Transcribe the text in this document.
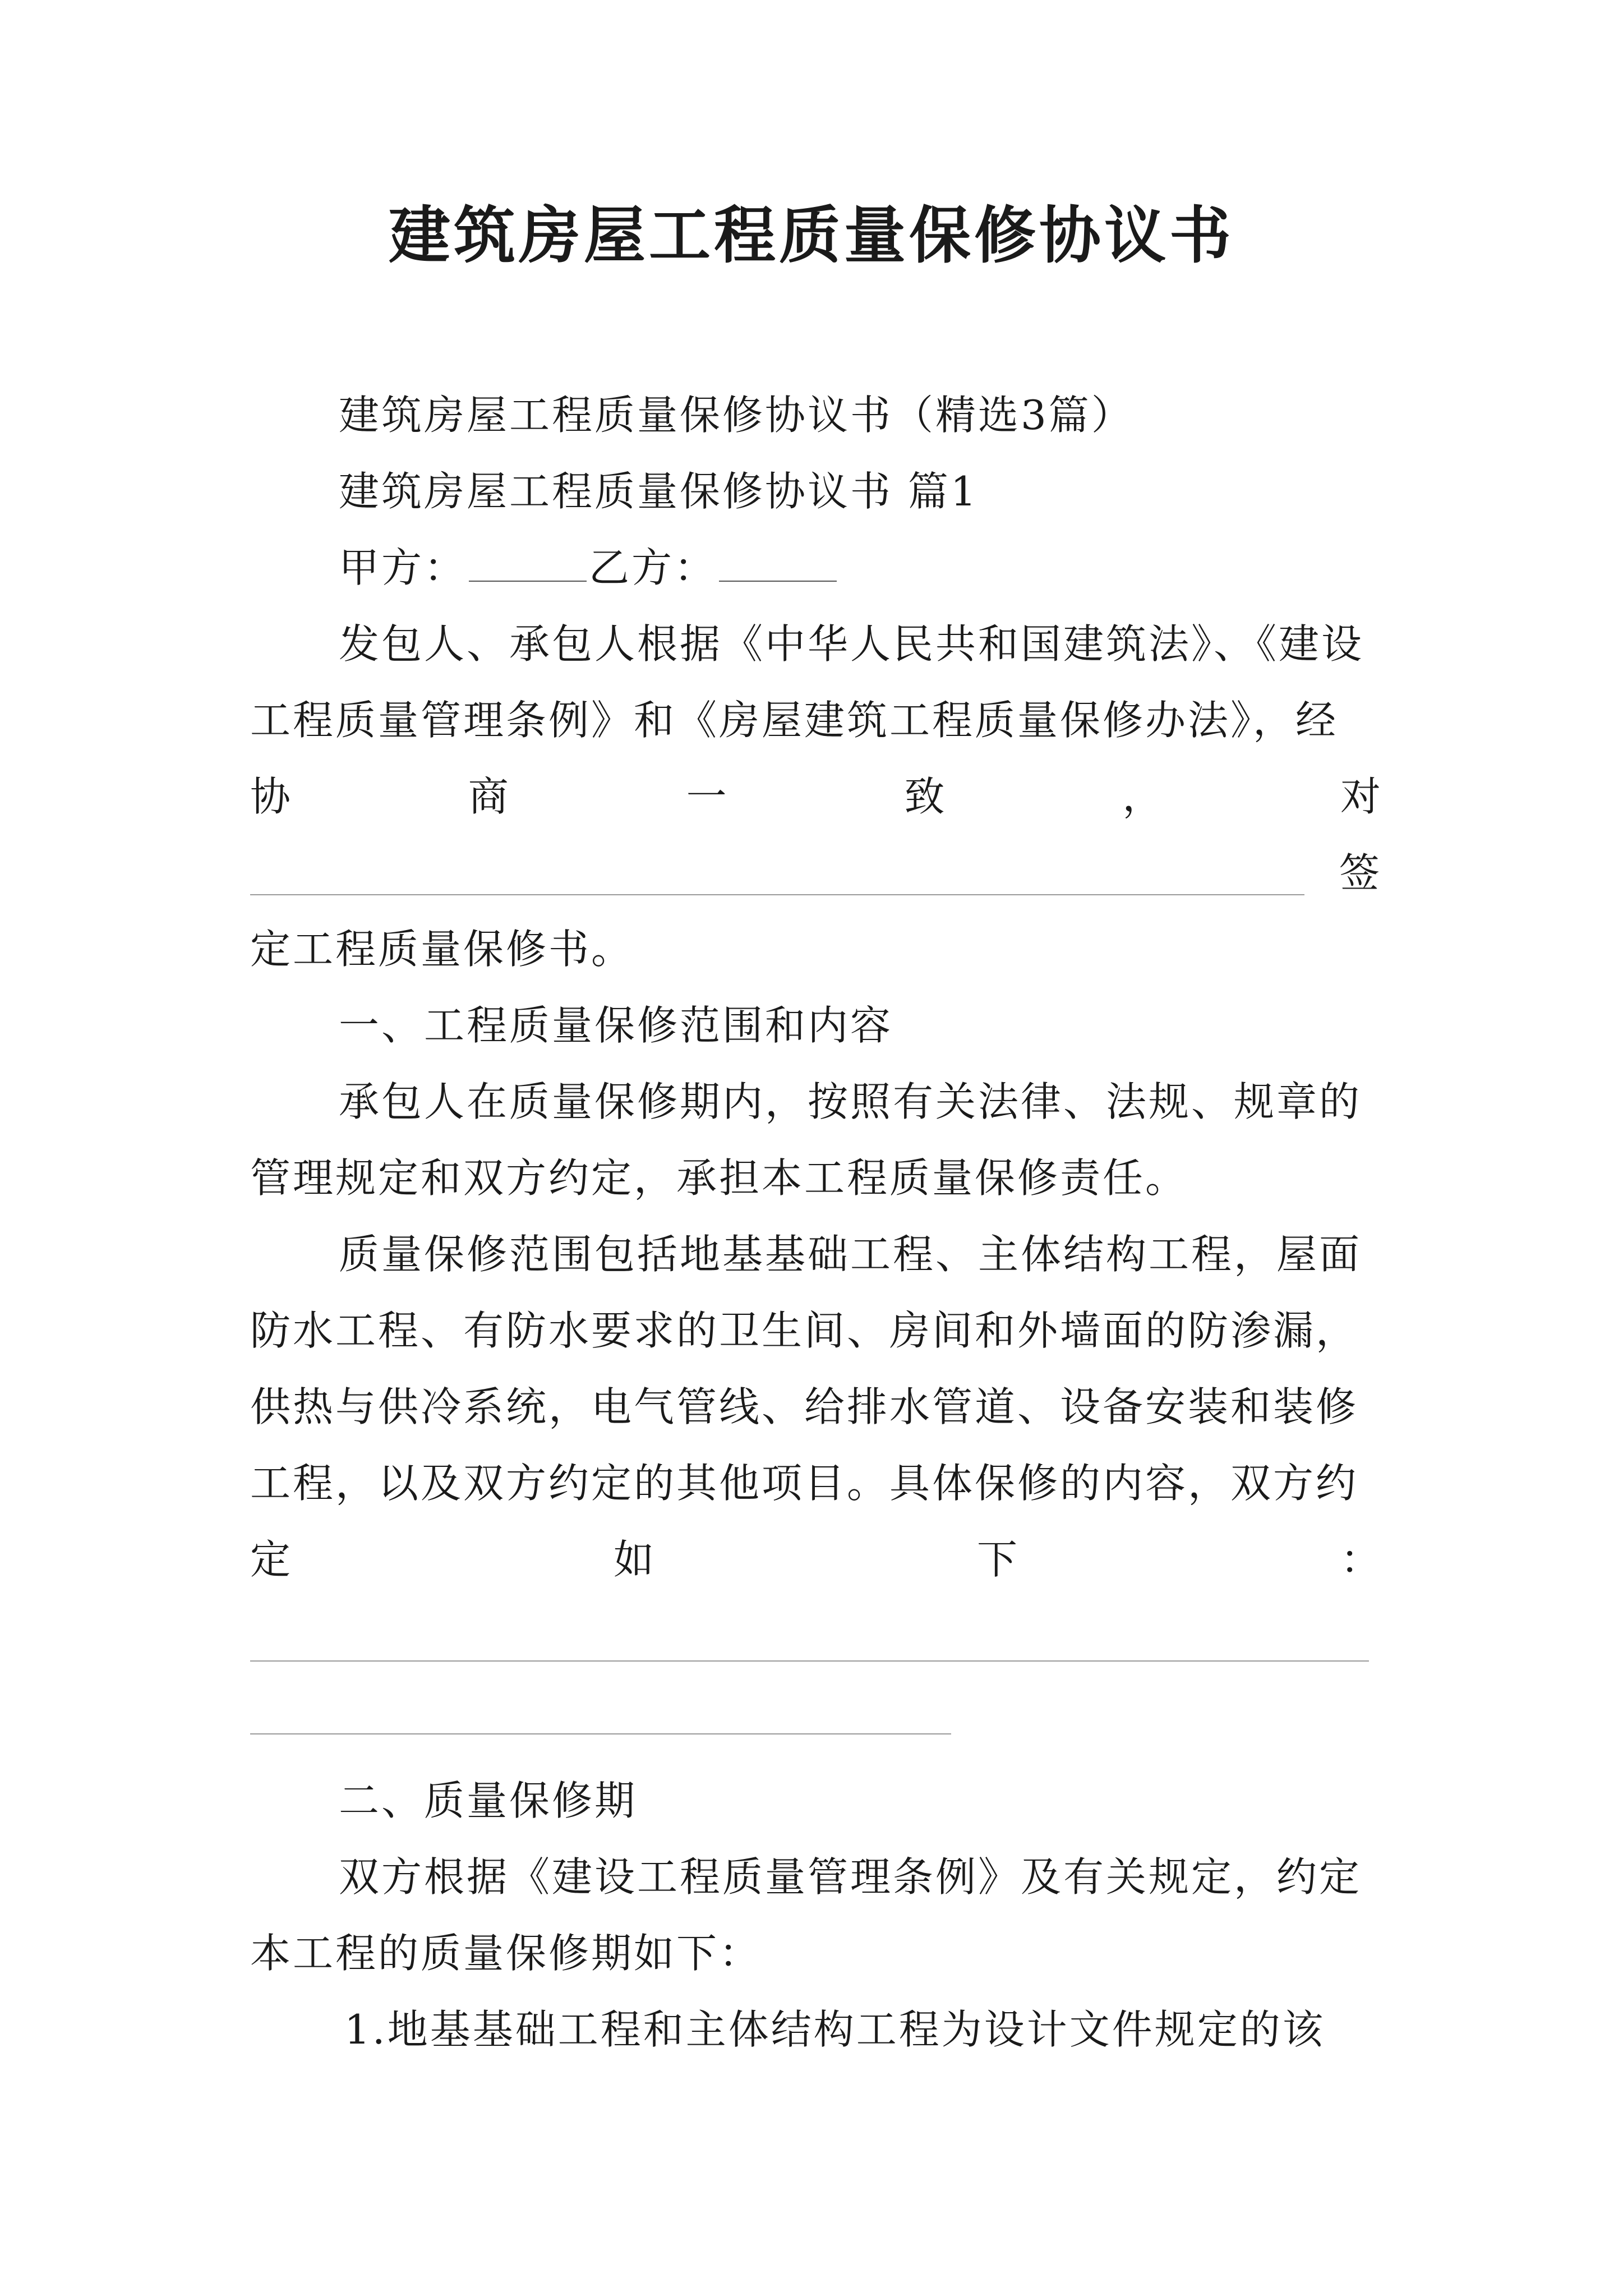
建筑房屋工程质量保修协议书
建筑房屋工程质量保修协议书（精选3篇）
建筑房屋工程质量保修协议书 篇1
甲方：	乙方：
发包人、承包人根据《中华人民共和国建筑法》、《建设
工程质量管理条例》和《房屋建筑工程质量保修办法》，经
协	商	一	致	，	对
签
定工程质量保修书。
一、工程质量保修范围和内容
承包人在质量保修期内，按照有关法律、法规、规章的
管理规定和双方约定，承担本工程质量保修责任。
质量保修范围包括地基基础工程、主体结构工程，屋面
防水工程、有防水要求的卫生间、房间和外墙面的防渗漏，
供热与供冷系统，电气管线、给排水管道、设备安装和装修
工程，以及双方约定的其他项目。具体保修的内容，双方约
定	如	下	：
二、质量保修期
双方根据《建设工程质量管理条例》及有关规定，约定
本工程的质量保修期如下：
1.地基基础工程和主体结构工程为设计文件规定的该
